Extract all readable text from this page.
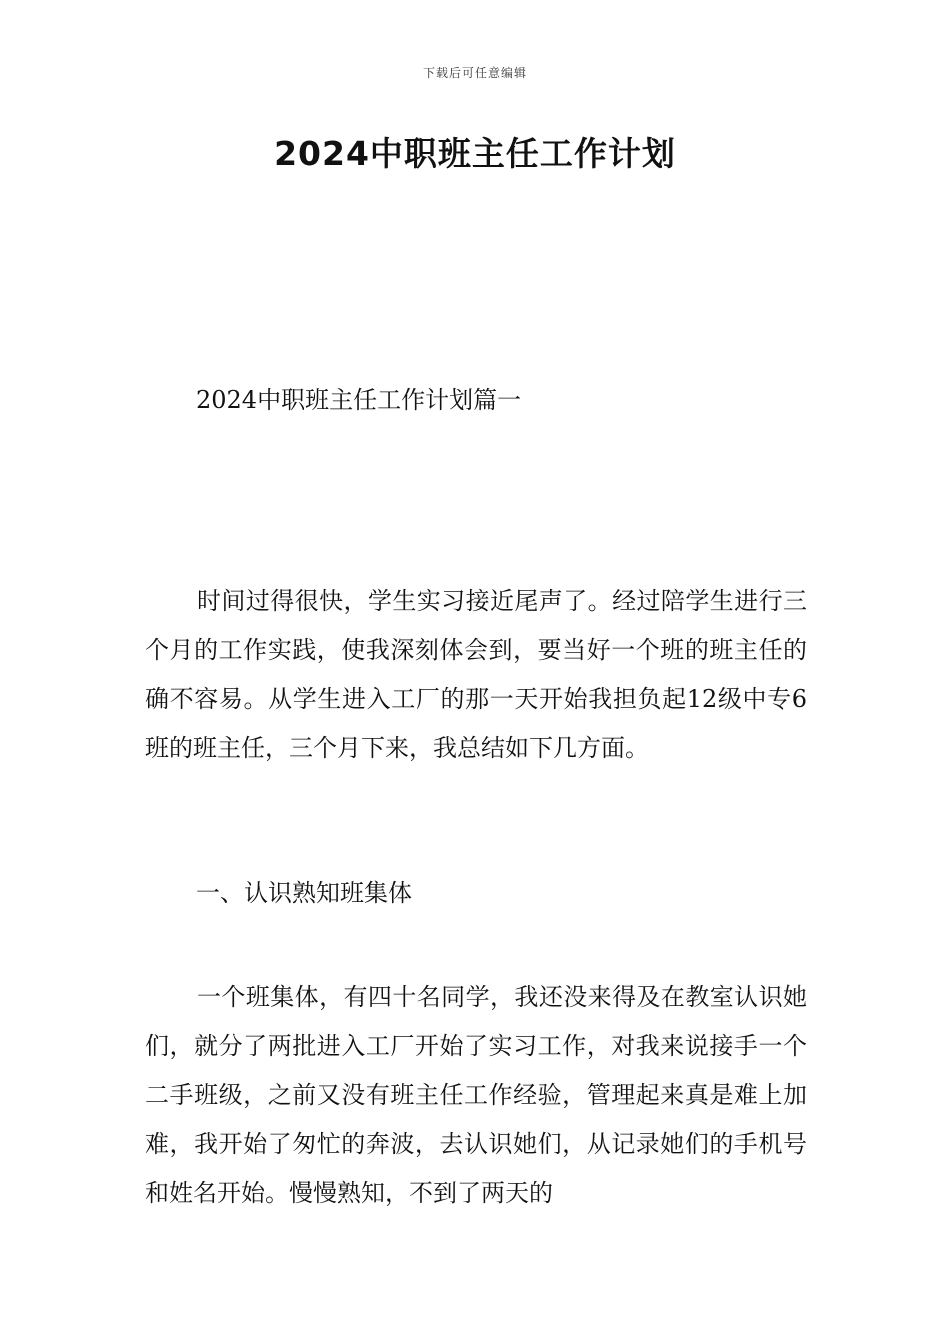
下载后可任意编辑
2024中职班主任工作计划
2024中职班主任工作计划篇一

时间过得很快，学生实习接近尾声了。经过陪学生进行三个月的工作实践，使我深刻体会到，要当好一个班的班主任的确不容易。从学生进入工厂的那一天开始我担负起12级中专6班的班主任，三个月下来，我总结如下几方面。

一、认识熟知班集体

一个班集体，有四十名同学，我还没来得及在教室认识她们，就分了两批进入工厂开始了实习工作，对我来说接手一个二手班级，之前又没有班主任工作经验，管理起来真是难上加难，我开始了匆忙的奔波，去认识她们，从记录她们的手机号和姓名开始。慢慢熟知，不到了两天的
